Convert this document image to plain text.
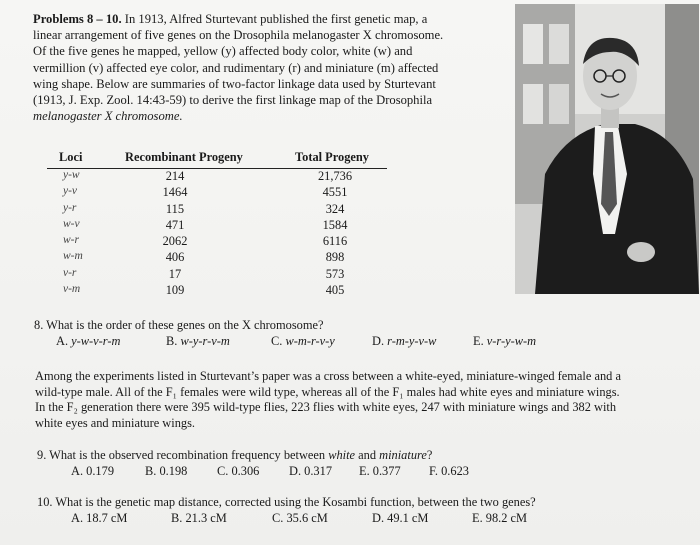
Problems 8 – 10. In 1913, Alfred Sturtevant published the first genetic map, a
linear arrangement of five genes on the Drosophila melanogaster X chromosome.
Of the five genes he mapped, yellow (y) affected body color, white (w) and
vermillion (v) affected eye color, and rudimentary (r) and miniature (m) affected
wing shape. Below are summaries of two-factor linkage data used by Sturtevant
(1913, J. Exp. Zool. 14:43-59) to derive the first linkage map of the Drosophila
melanogaster X chromosome.
Loci	Recombinant Progeny	Total Progeny
y-w	214	21,736
y-v	1464	4551
y-r	115	324
w-v	471	1584
w-r	2062	6116
w-m	406	898
v-r	17	573
v-m	109	405
8. What is the order of these genes on the X chromosome?
A. y-w-v-r-m	B. w-y-r-v-m	C. w-m-r-v-y	D. r-m-y-v-w	E. v-r-y-w-m
Among the experiments listed in Sturtevant’s paper was a cross between a white-eyed, miniature-winged female and a
wild-type male. All of the F₁ females were wild type, whereas all of the F₁ males had white eyes and miniature wings.
In the F₂ generation there were 395 wild-type flies, 223 flies with white eyes, 247 with miniature wings and 382 with
white eyes and miniature wings.
9. What is the observed recombination frequency between white and miniature?
A. 0.179 B. 0.198 C. 0.306 D. 0.317 E. 0.377 F. 0.623
10. What is the genetic map distance, corrected using the Kosambi function, between the two genes?
A. 18.7 cM	B. 21.3 cM	C. 35.6 cM	D. 49.1 cM	E. 98.2 cM
